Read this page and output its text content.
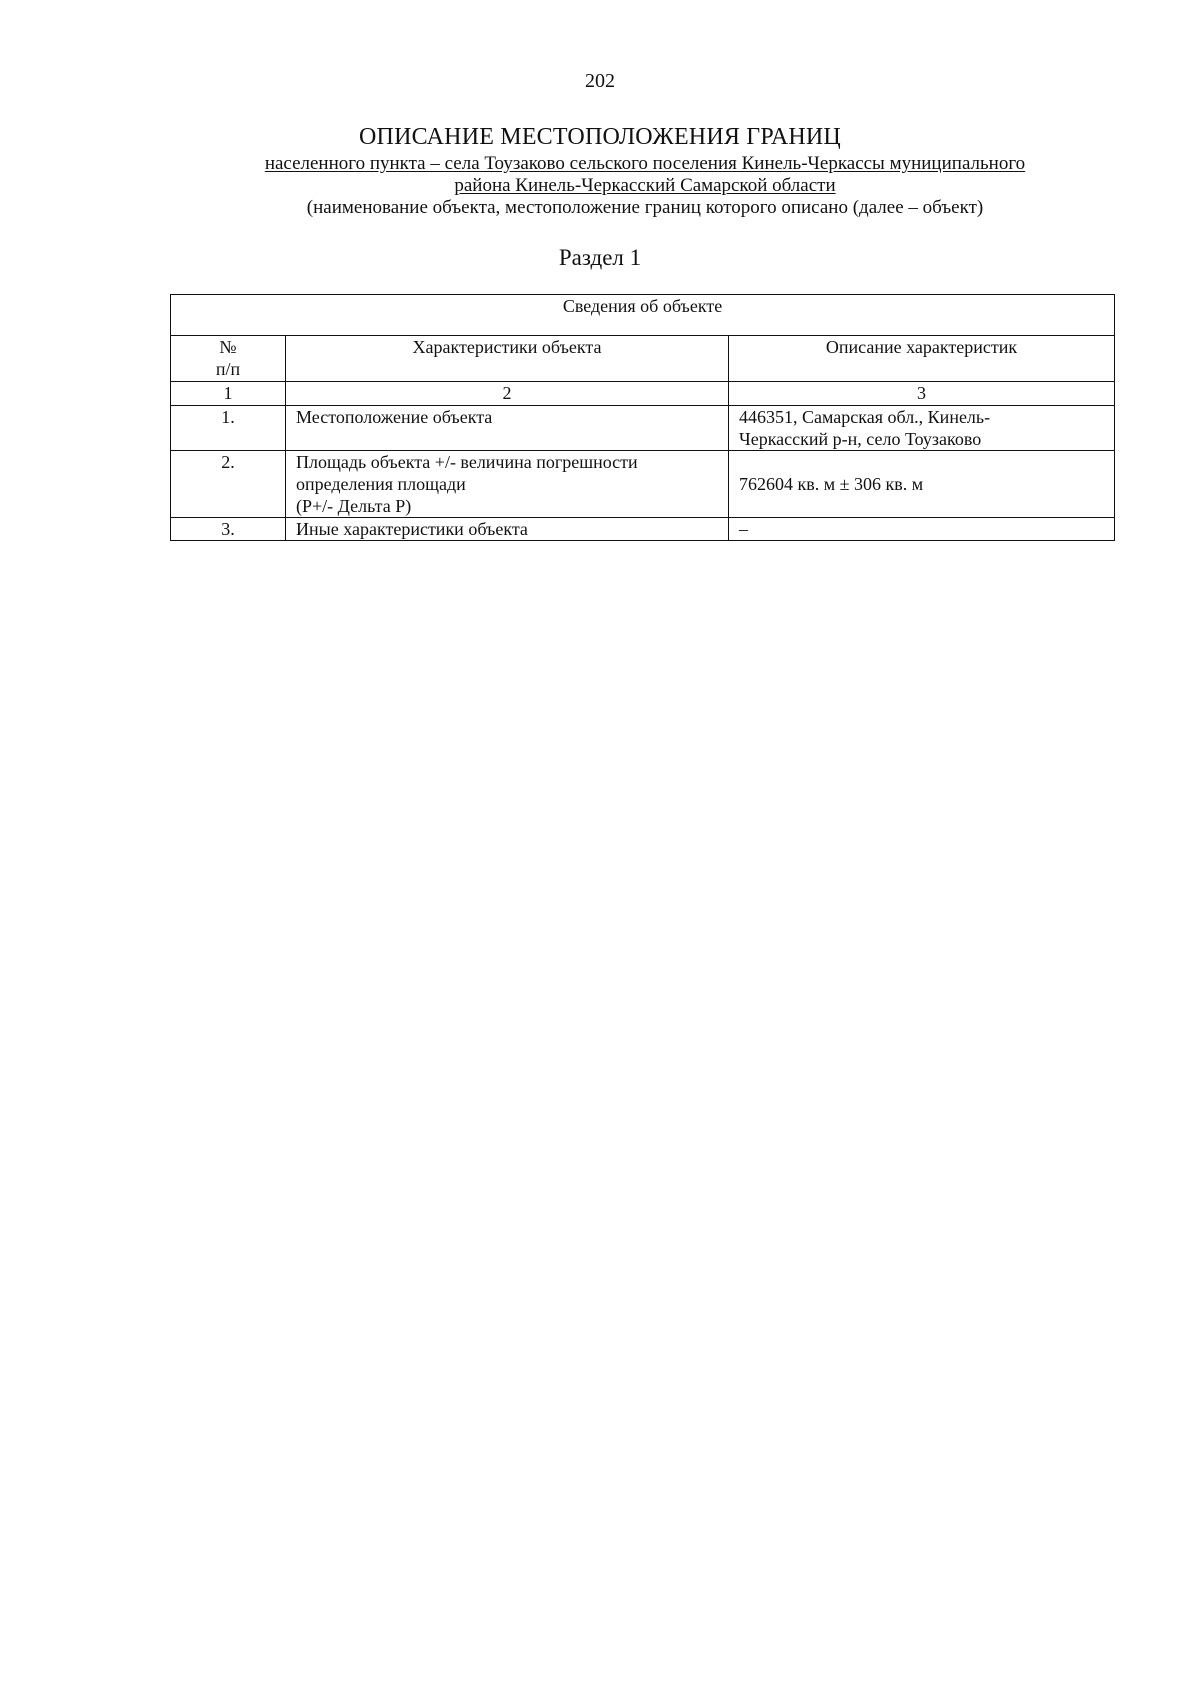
202
ОПИСАНИЕ МЕСТОПОЛОЖЕНИЯ ГРАНИЦ
населенного пункта – села Тоузаково сельского поселения Кинель-Черкассы муниципального
района Кинель-Черкасский Самарской области

(наименование объекта, местоположение границ которого описано (далее – объект)
Раздел 1
Сведения об объекте		
№
п/п	Характеристики объекта	Описание характеристик
1	2	3
1.	Местоположение объекта	446351, Самарская обл., Кинель-
Черкасский р-н, село Тоузаково
2.	Площадь объекта +/- величина погрешности
определения площади
(Р+/- Дельта Р)	762604 кв. м ± 306 кв. м
3.	Иные характеристики объекта	–
